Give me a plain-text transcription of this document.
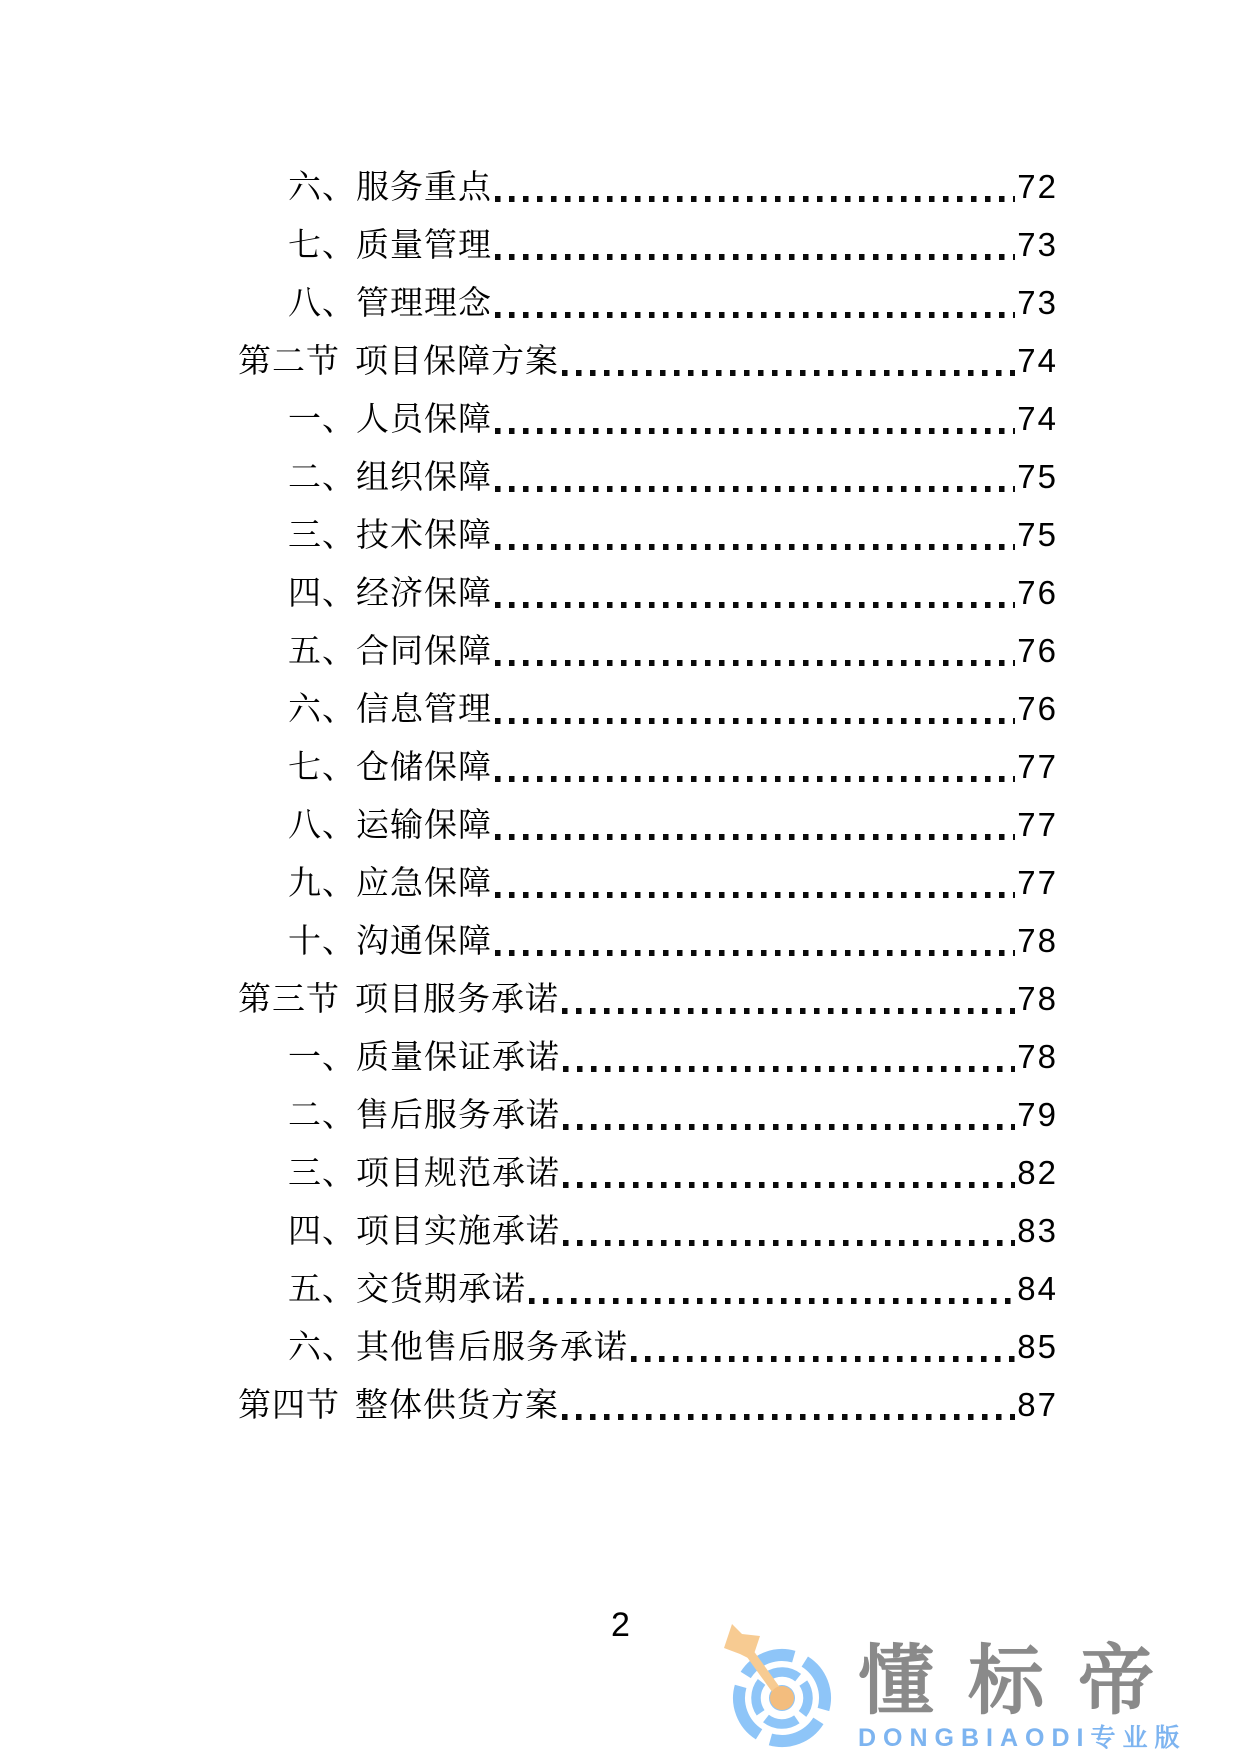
六、 服务重点	72
七、 质量管理	73
八、 管理理念	73
第二节 项目保障方案	74
一、 人员保障	74
二、 组织保障	75
三、 技术保障	75
四、 经济保障	76
五、 合同保障	76
六、 信息管理	76
七、 仓储保障	77
八、 运输保障	77
九、 应急保障	77
十、 沟通保障	78
第三节 项目服务承诺	78
一、 质量保证承诺	78
二、 售后服务承诺	79
三、 项目规范承诺	82
四、 项目实施承诺	83
五、 交货期承诺	84
六、 其他售后服务承诺	85
第四节 整体供货方案	87
2
懂标帝
DONGBIAODI专业版
